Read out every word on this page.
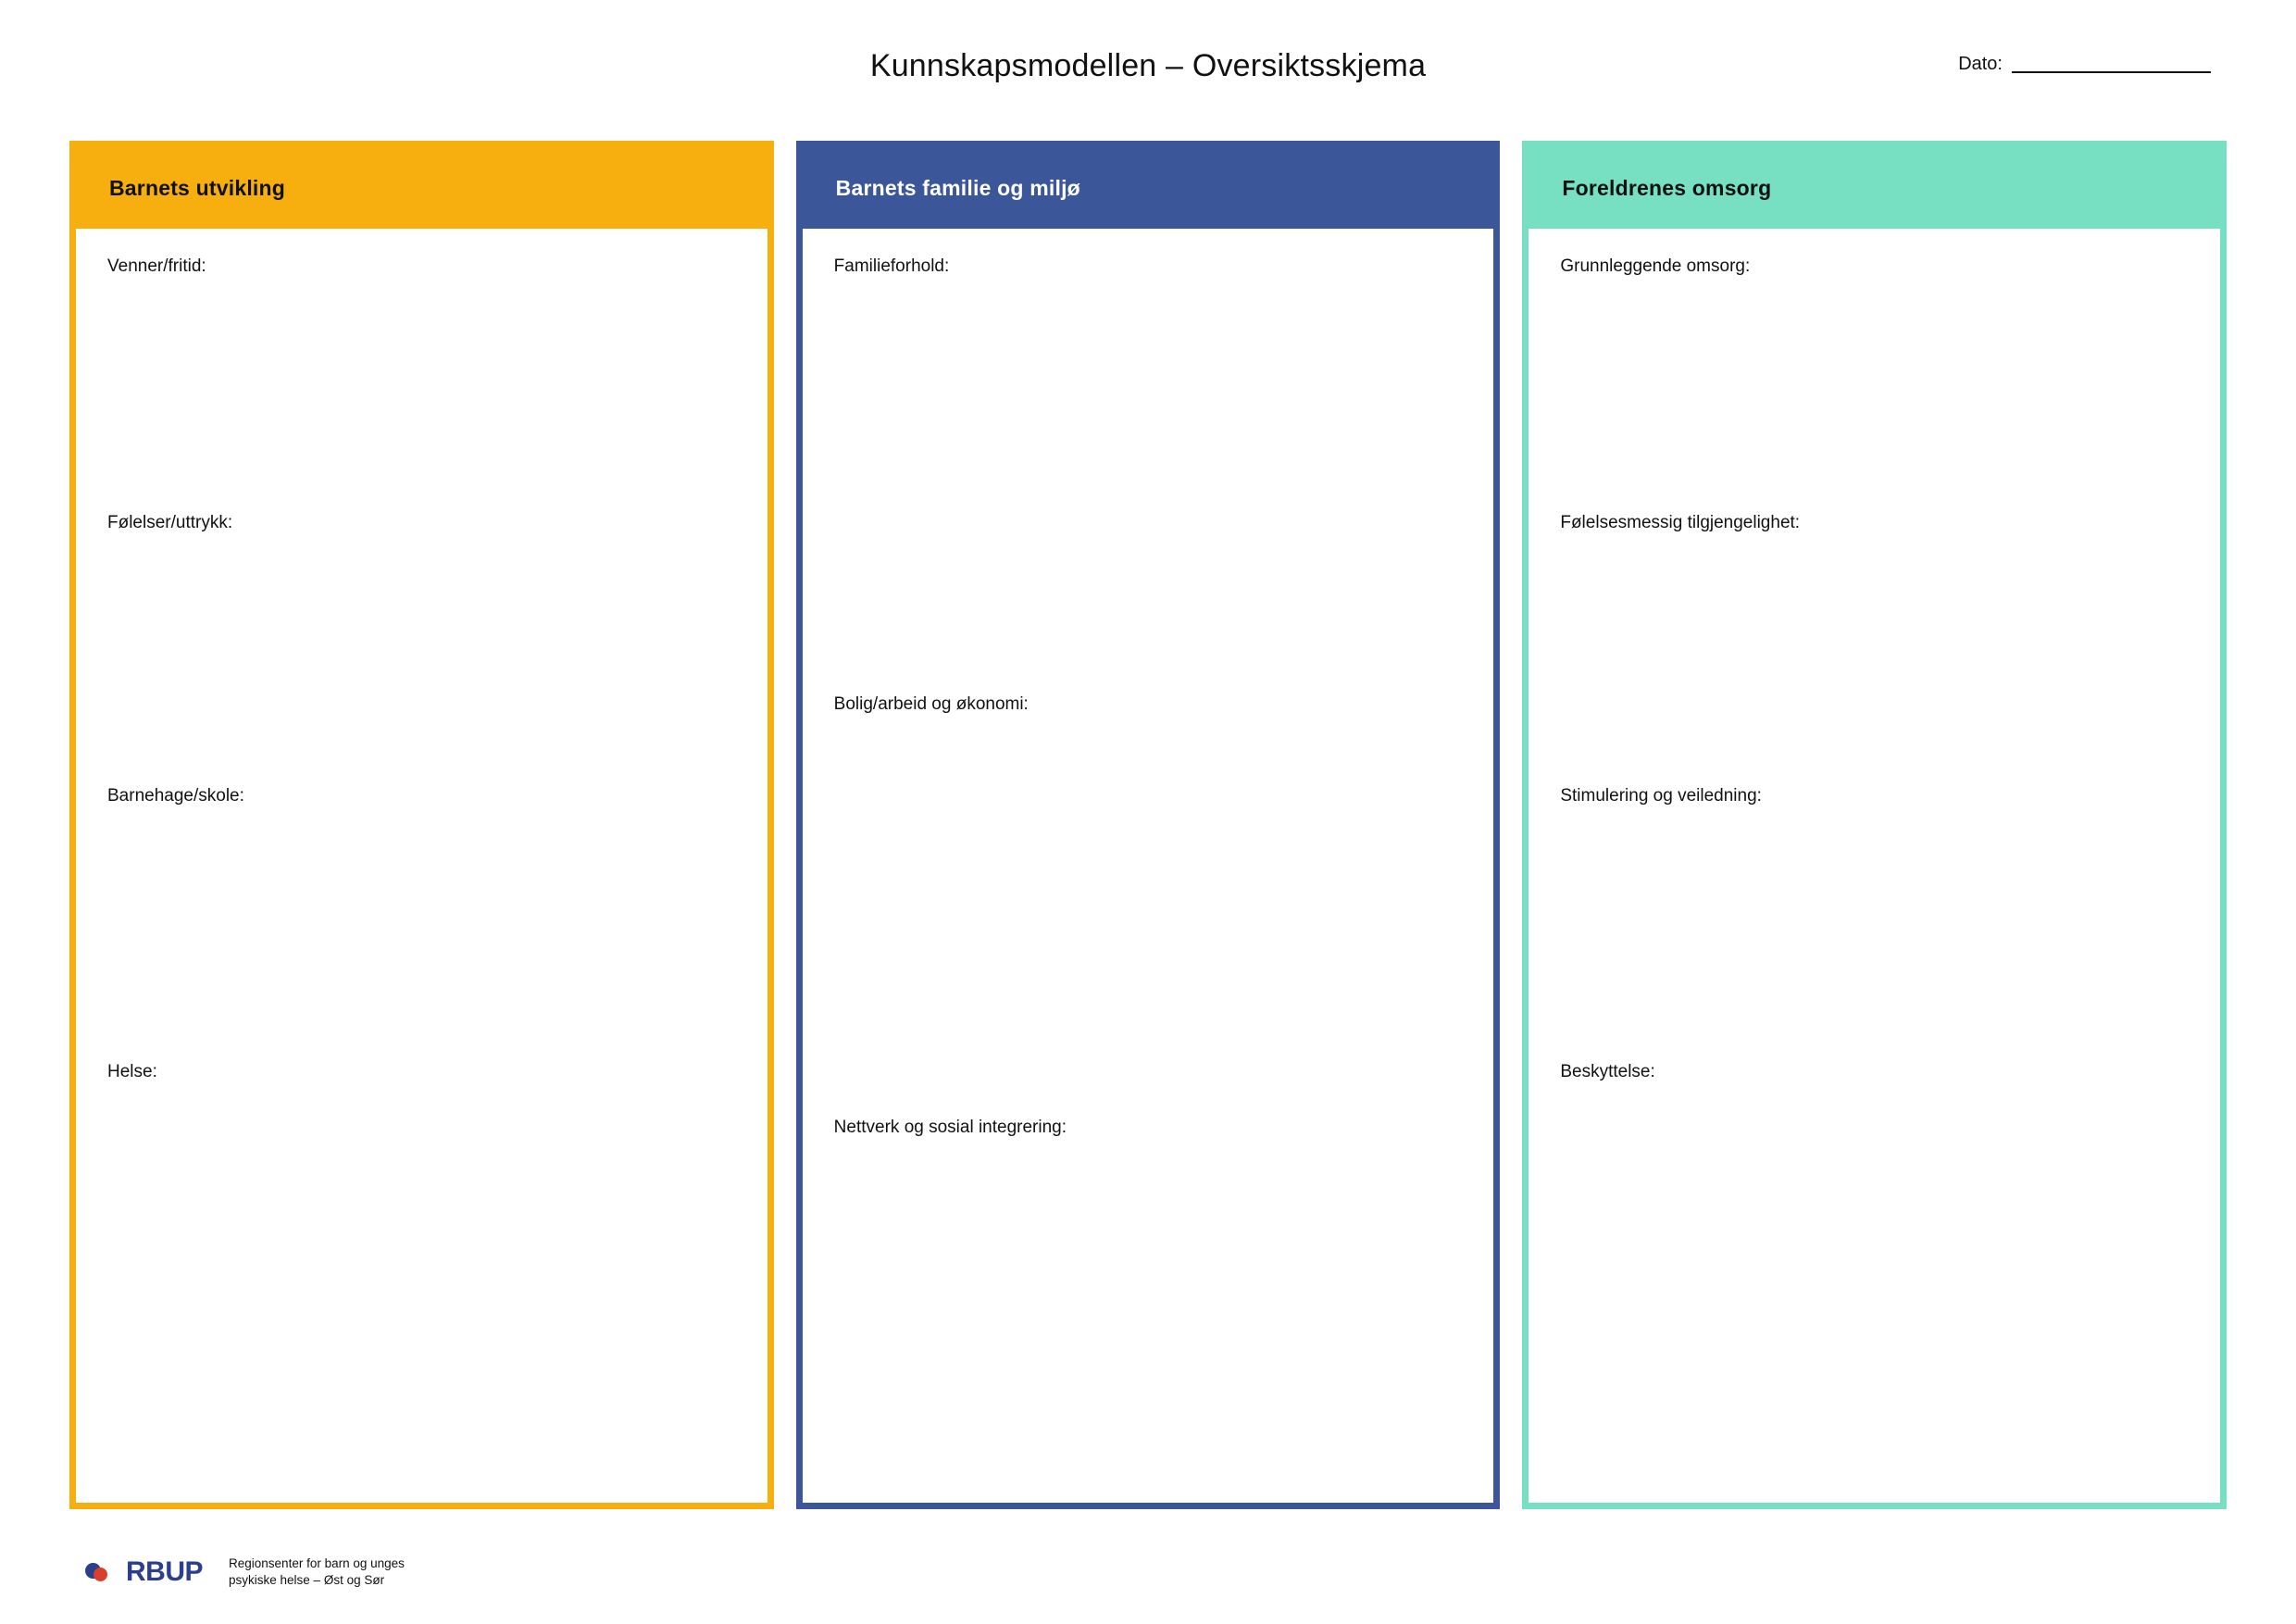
Kunnskapsmodellen – Oversiktsskjema	Dato:
Barnets utvikling
Venner/fritid:
Følelser/uttrykk:
Barnehage/skole:
Helse:
Barnets familie og miljø
Familieforhold:
Bolig/arbeid og økonomi:
Nettverk og sosial integrering:
Foreldrenes omsorg
Grunnleggende omsorg:
Følelsesmessig tilgjengelighet:
Stimulering og veiledning:
Beskyttelse:
RBUP Regionsenter for barn og unges
psykiske helse – Øst og Sør
